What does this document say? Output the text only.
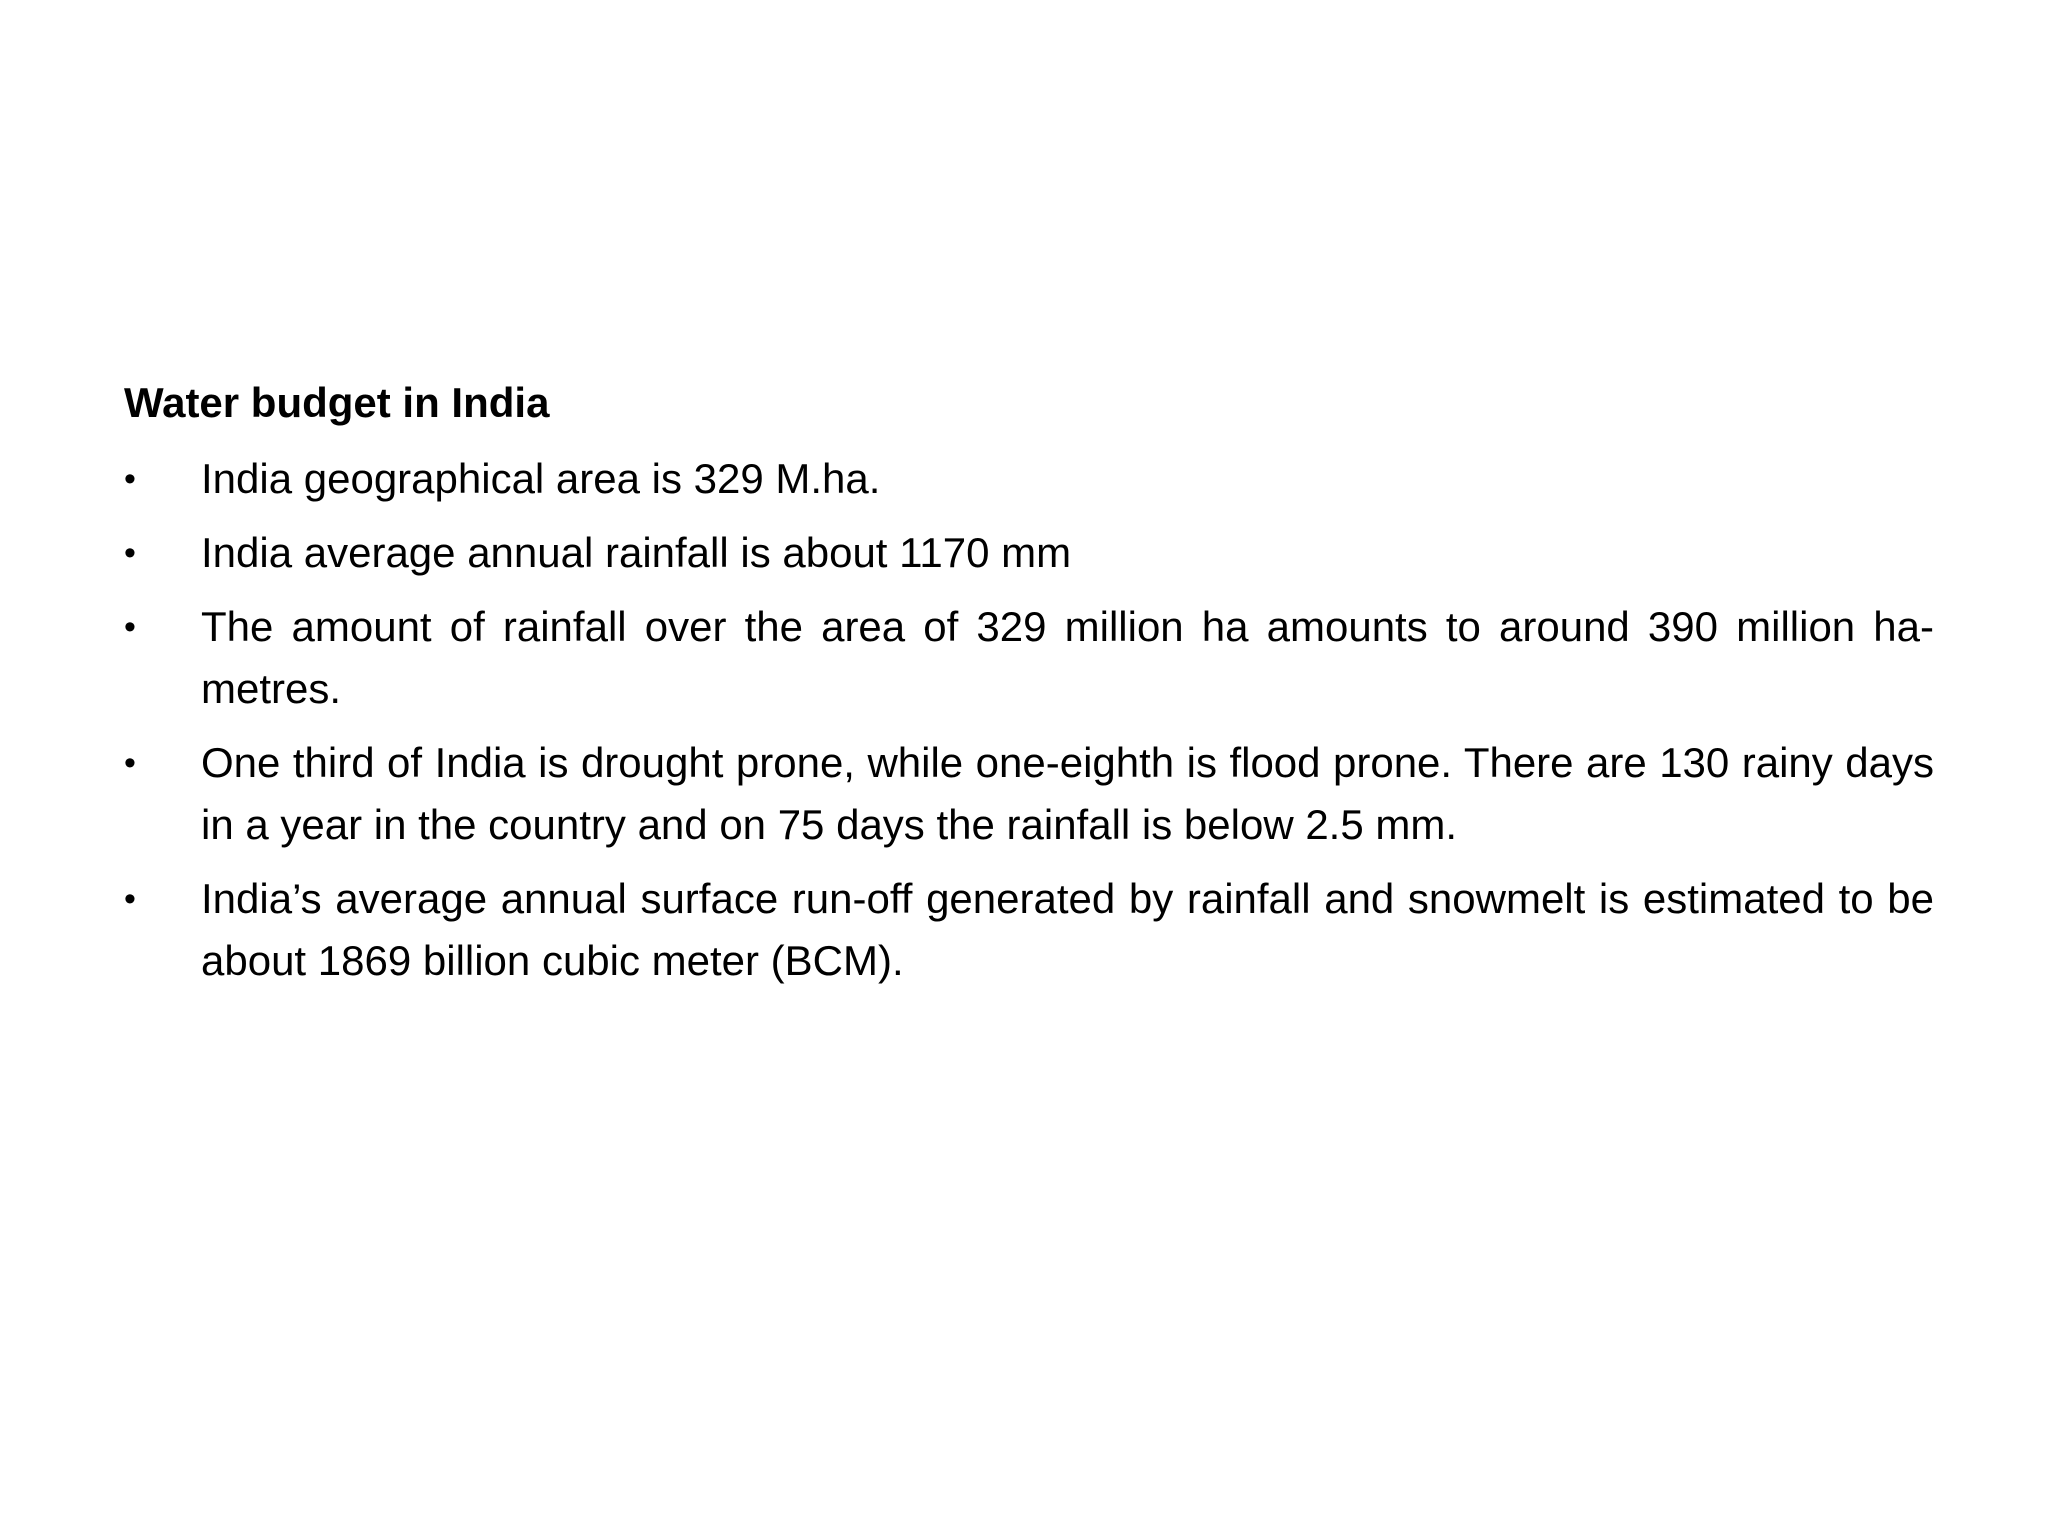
Water budget in India
•	India geographical area is 329 M.ha.
•	India average annual rainfall is about 1170 mm
•	The amount of rainfall over the area of 329 million ha amounts to around 390 million ha-metres.
•	One third of India is drought prone, while one-eighth is flood prone. There are 130 rainy days in a year in the country and on 75 days the rainfall is below 2.5 mm.
•	India’s average annual surface run-off generated by rainfall and snowmelt is estimated to be about 1869 billion cubic meter (BCM).
